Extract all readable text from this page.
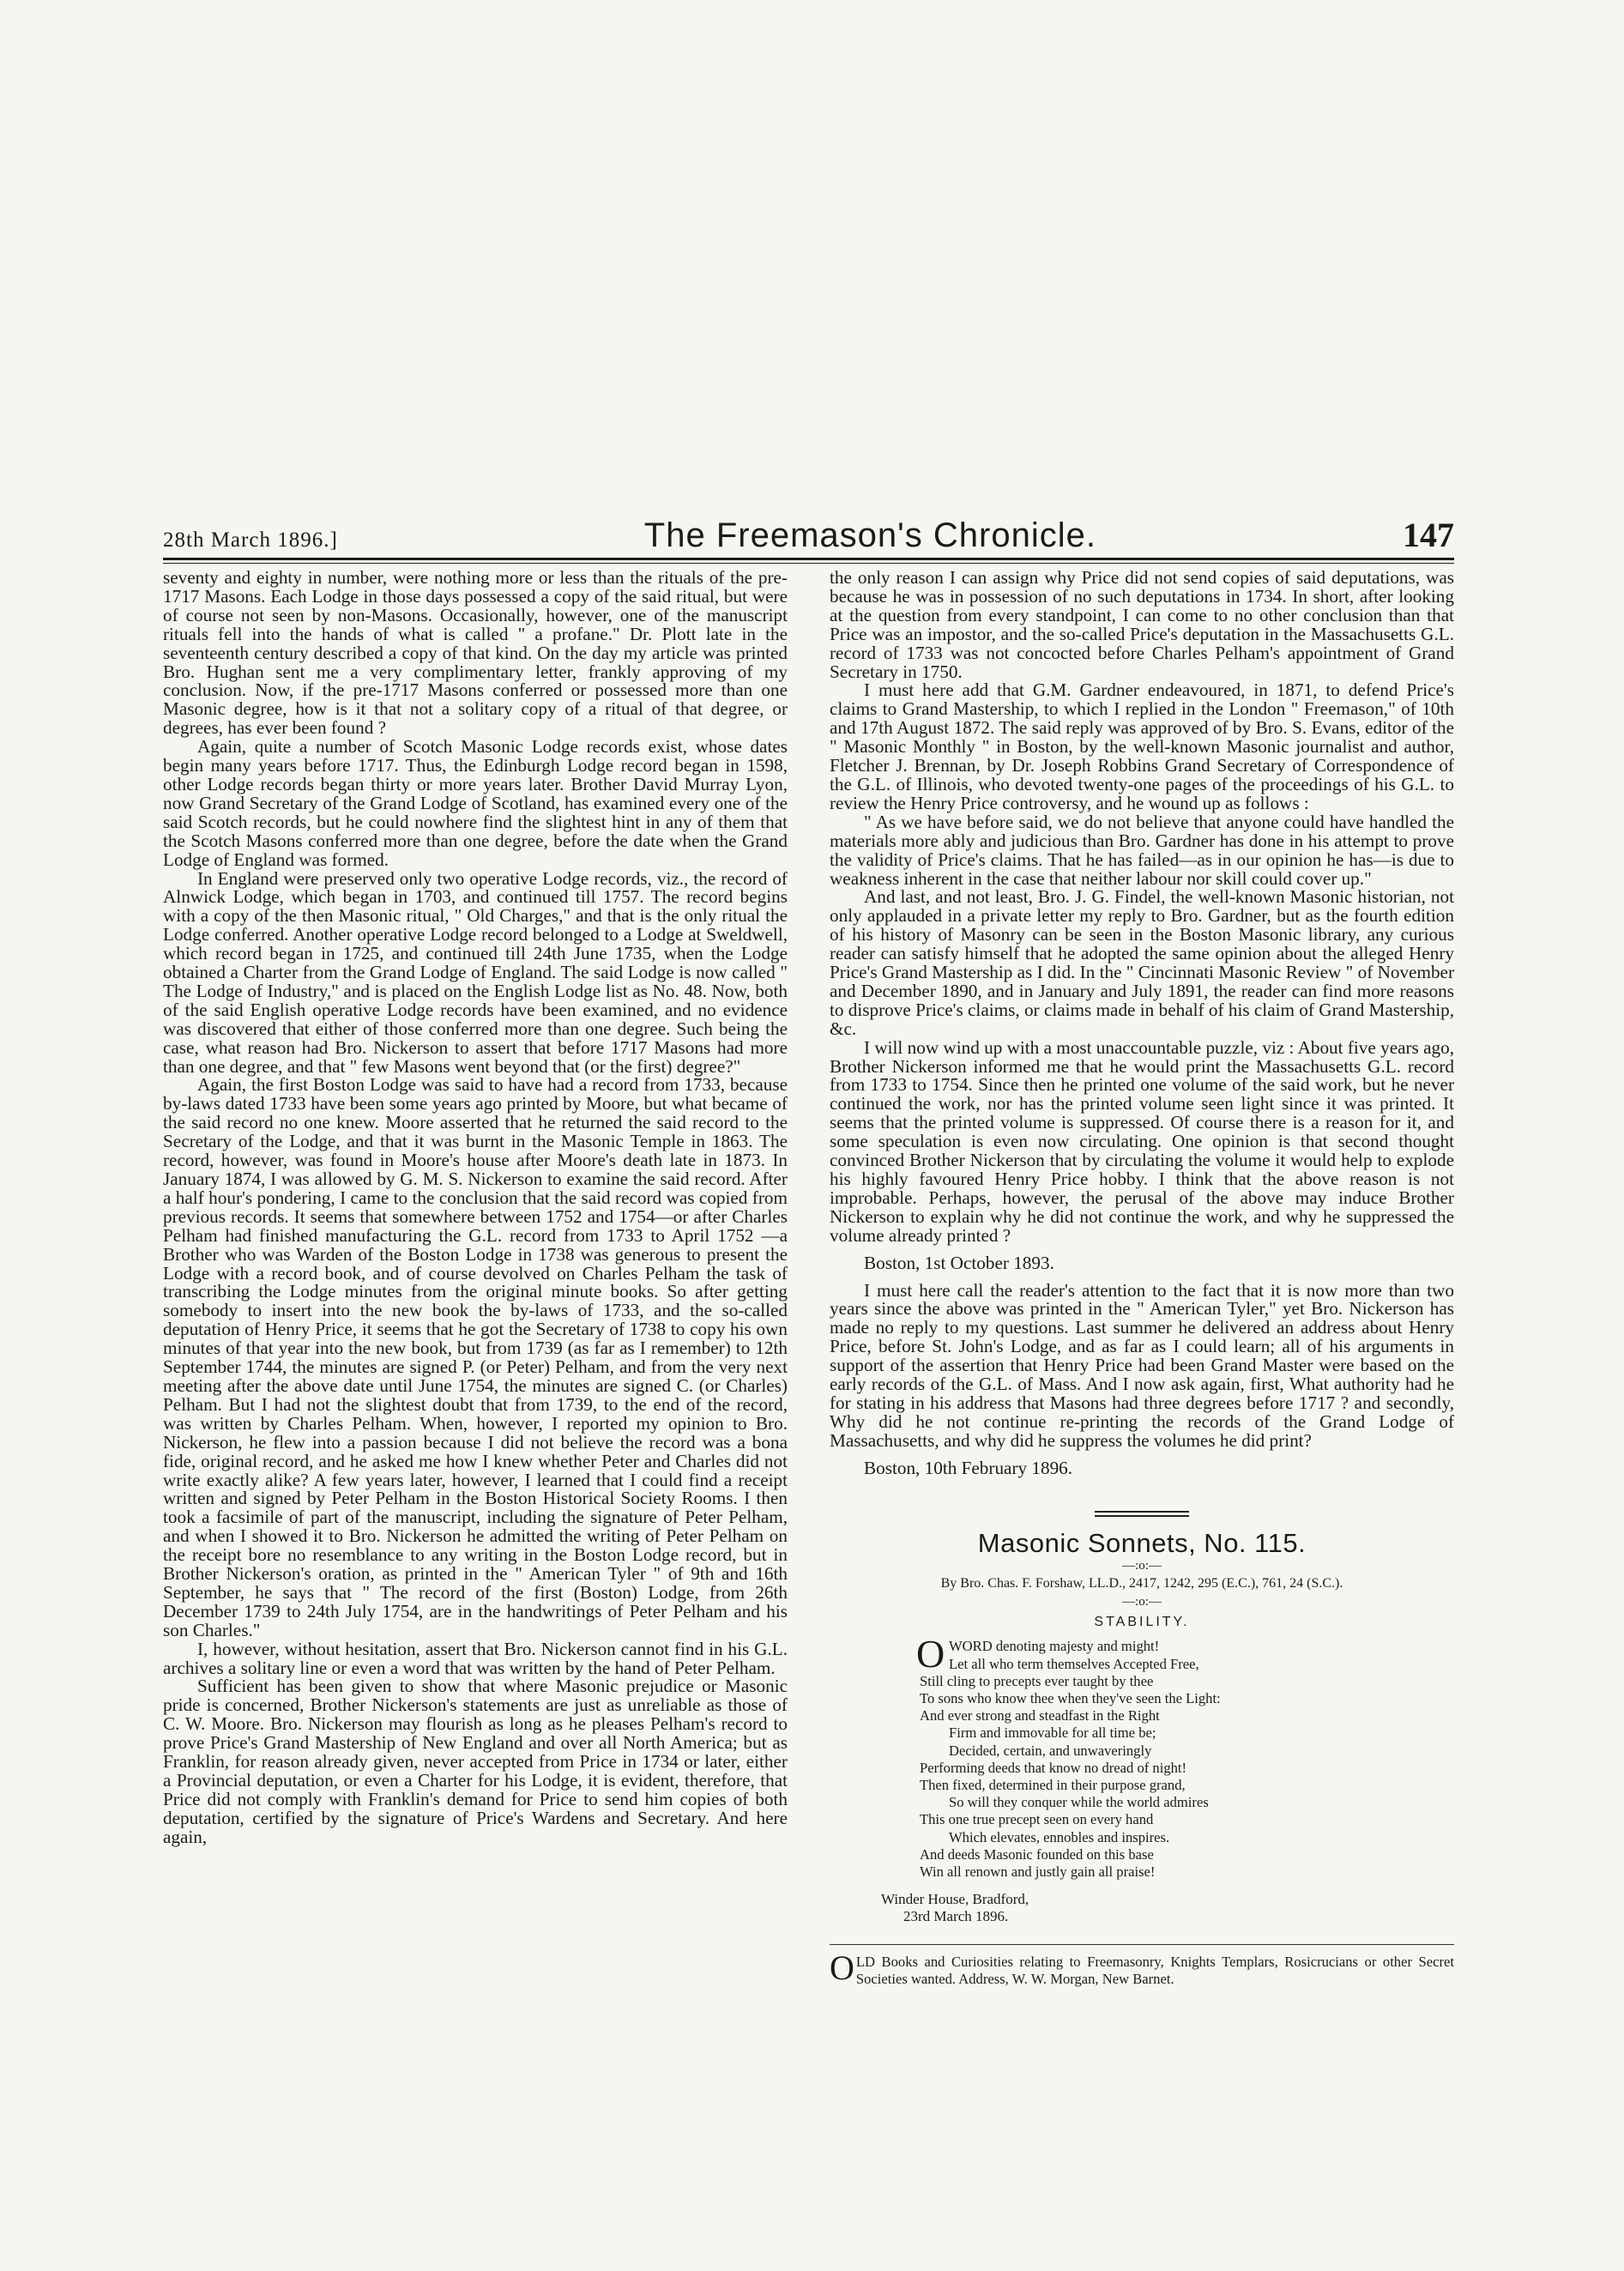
28th March 1896.]	The Freemason's Chronicle.	147

seventy and eighty in number, were nothing more or less than the rituals of the pre-1717 Masons. Each Lodge in those days possessed a copy of the said ritual, but were of course not seen by non-Masons. Occasionally, however, one of the manuscript rituals fell into the hands of what is called " a profane." Dr. Plott late in the seventeenth century described a copy of that kind. On the day my article was printed Bro. Hughan sent me a very complimentary letter, frankly approving of my conclusion. Now, if the pre-1717 Masons conferred or possessed more than one Masonic degree, how is it that not a solitary copy of a ritual of that degree, or degrees, has ever been found ?

Again, quite a number of Scotch Masonic Lodge records exist, whose dates begin many years before 1717. Thus, the Edinburgh Lodge record began in 1598, other Lodge records began thirty or more years later. Brother David Murray Lyon, now Grand Secretary of the Grand Lodge of Scotland, has examined every one of the said Scotch records, but he could nowhere find the slightest hint in any of them that the Scotch Masons conferred more than one degree, before the date when the Grand Lodge of England was formed.

In England were preserved only two operative Lodge records, viz., the record of Alnwick Lodge, which began in 1703, and continued till 1757. The record begins with a copy of the then Masonic ritual, " Old Charges," and that is the only ritual the Lodge conferred. Another operative Lodge record belonged to a Lodge at Sweldwell, which record began in 1725, and continued till 24th June 1735, when the Lodge obtained a Charter from the Grand Lodge of England. The said Lodge is now called " The Lodge of Industry," and is placed on the English Lodge list as No. 48. Now, both of the said English operative Lodge records have been examined, and no evidence was discovered that either of those conferred more than one degree. Such being the case, what reason had Bro. Nickerson to assert that before 1717 Masons had more than one degree, and that " few Masons went beyond that (or the first) degree?"

Again, the first Boston Lodge was said to have had a record from 1733, because by-laws dated 1733 have been some years ago printed by Moore, but what became of the said record no one knew. Moore asserted that he returned the said record to the Secretary of the Lodge, and that it was burnt in the Masonic Temple in 1863. The record, however, was found in Moore's house after Moore's death late in 1873. In January 1874, I was allowed by G. M. S. Nickerson to examine the said record. After a half hour's pondering, I came to the conclusion that the said record was copied from previous records. It seems that somewhere between 1752 and 1754—or after Charles Pelham had finished manufacturing the G.L. record from 1733 to April 1752 —a Brother who was Warden of the Boston Lodge in 1738 was generous to present the Lodge with a record book, and of course devolved on Charles Pelham the task of transcribing the Lodge minutes from the original minute books. So after getting somebody to insert into the new book the by-laws of 1733, and the so-called deputation of Henry Price, it seems that he got the Secretary of 1738 to copy his own minutes of that year into the new book, but from 1739 (as far as I remember) to 12th September 1744, the minutes are signed P. (or Peter) Pelham, and from the very next meeting after the above date until June 1754, the minutes are signed C. (or Charles) Pelham. But I had not the slightest doubt that from 1739, to the end of the record, was written by Charles Pelham. When, however, I reported my opinion to Bro. Nickerson, he flew into a passion because I did not believe the record was a bona fide, original record, and he asked me how I knew whether Peter and Charles did not write exactly alike? A few years later, however, I learned that I could find a receipt written and signed by Peter Pelham in the Boston Historical Society Rooms. I then took a facsimile of part of the manuscript, including the signature of Peter Pelham, and when I showed it to Bro. Nickerson he admitted the writing of Peter Pelham on the receipt bore no resemblance to any writing in the Boston Lodge record, but in Brother Nickerson's oration, as printed in the " American Tyler " of 9th and 16th September, he says that " The record of the first (Boston) Lodge, from 26th December 1739 to 24th July 1754, are in the handwritings of Peter Pelham and his son Charles."

I, however, without hesitation, assert that Bro. Nickerson cannot find in his G.L. archives a solitary line or even a word that was written by the hand of Peter Pelham.

Sufficient has been given to show that where Masonic prejudice or Masonic pride is concerned, Brother Nickerson's statements are just as unreliable as those of C. W. Moore. Bro. Nickerson may flourish as long as he pleases Pelham's record to prove Price's Grand Mastership of New England and over all North America; but as Franklin, for reason already given, never accepted from Price in 1734 or later, either a Provincial deputation, or even a Charter for his Lodge, it is evident, therefore, that Price did not comply with Franklin's demand for Price to send him copies of both deputation, certified by the signature of Price's Wardens and Secretary. And here again,

the only reason I can assign why Price did not send copies of said deputations, was because he was in possession of no such deputations in 1734. In short, after looking at the question from every standpoint, I can come to no other conclusion than that Price was an impostor, and the so-called Price's deputation in the Massachusetts G.L. record of 1733 was not concocted before Charles Pelham's appointment of Grand Secretary in 1750.

I must here add that G.M. Gardner endeavoured, in 1871, to defend Price's claims to Grand Mastership, to which I replied in the London " Freemason," of 10th and 17th August 1872. The said reply was approved of by Bro. S. Evans, editor of the " Masonic Monthly " in Boston, by the well-known Masonic journalist and author, Fletcher J. Brennan, by Dr. Joseph Robbins Grand Secretary of Correspondence of the G.L. of Illinois, who devoted twenty-one pages of the proceedings of his G.L. to review the Henry Price controversy, and he wound up as follows :

" As we have before said, we do not believe that anyone could have handled the materials more ably and judicious than Bro. Gardner has done in his attempt to prove the validity of Price's claims. That he has failed—as in our opinion he has—is due to weakness inherent in the case that neither labour nor skill could cover up."

And last, and not least, Bro. J. G. Findel, the well-known Masonic historian, not only applauded in a private letter my reply to Bro. Gardner, but as the fourth edition of his history of Masonry can be seen in the Boston Masonic library, any curious reader can satisfy himself that he adopted the same opinion about the alleged Henry Price's Grand Mastership as I did. In the " Cincinnati Masonic Review " of November and December 1890, and in January and July 1891, the reader can find more reasons to disprove Price's claims, or claims made in behalf of his claim of Grand Mastership, &c.

I will now wind up with a most unaccountable puzzle, viz : About five years ago, Brother Nickerson informed me that he would print the Massachusetts G.L. record from 1733 to 1754. Since then he printed one volume of the said work, but he never continued the work, nor has the printed volume seen light since it was printed. It seems that the printed volume is suppressed. Of course there is a reason for it, and some speculation is even now circulating. One opinion is that second thought convinced Brother Nickerson that by circulating the volume it would help to explode his highly favoured Henry Price hobby. I think that the above reason is not improbable. Perhaps, however, the perusal of the above may induce Brother Nickerson to explain why he did not continue the work, and why he suppressed the volume already printed ?

Boston, 1st October 1893.

I must here call the reader's attention to the fact that it is now more than two years since the above was printed in the " American Tyler," yet Bro. Nickerson has made no reply to my questions. Last summer he delivered an address about Henry Price, before St. John's Lodge, and as far as I could learn; all of his arguments in support of the assertion that Henry Price had been Grand Master were based on the early records of the G.L. of Mass. And I now ask again, first, What authority had he for stating in his address that Masons had three degrees before 1717 ? and secondly, Why did he not continue re-printing the records of the Grand Lodge of Massachusetts, and why did he suppress the volumes he did print?

Boston, 10th February 1896.

Masonic Sonnets, No. 115.
—:o:—
By Bro. Chas. F. Forshaw, LL.D., 2417, 1242, 295 (E.C.), 761, 24 (S.C.).
—:o:—
STABILITY.
O WORD denoting majesty and might!
Let all who term themselves Accepted Free,
Still cling to precepts ever taught by thee
To sons who know thee when they've seen the Light:
And ever strong and steadfast in the Right
Firm and immovable for all time be;
Decided, certain, and unwaveringly
Performing deeds that know no dread of night!
Then fixed, determined in their purpose grand,
So will they conquer while the world admires
This one true precept seen on every hand
Which elevates, ennobles and inspires.
And deeds Masonic founded on this base
Win all renown and justly gain all praise!
Winder House, Bradford,
23rd March 1896.
O LD Books and Curiosities relating to Freemasonry, Knights Templars, Rosicrucians or other Secret Societies wanted. Address, W. W. Morgan, New Barnet.
